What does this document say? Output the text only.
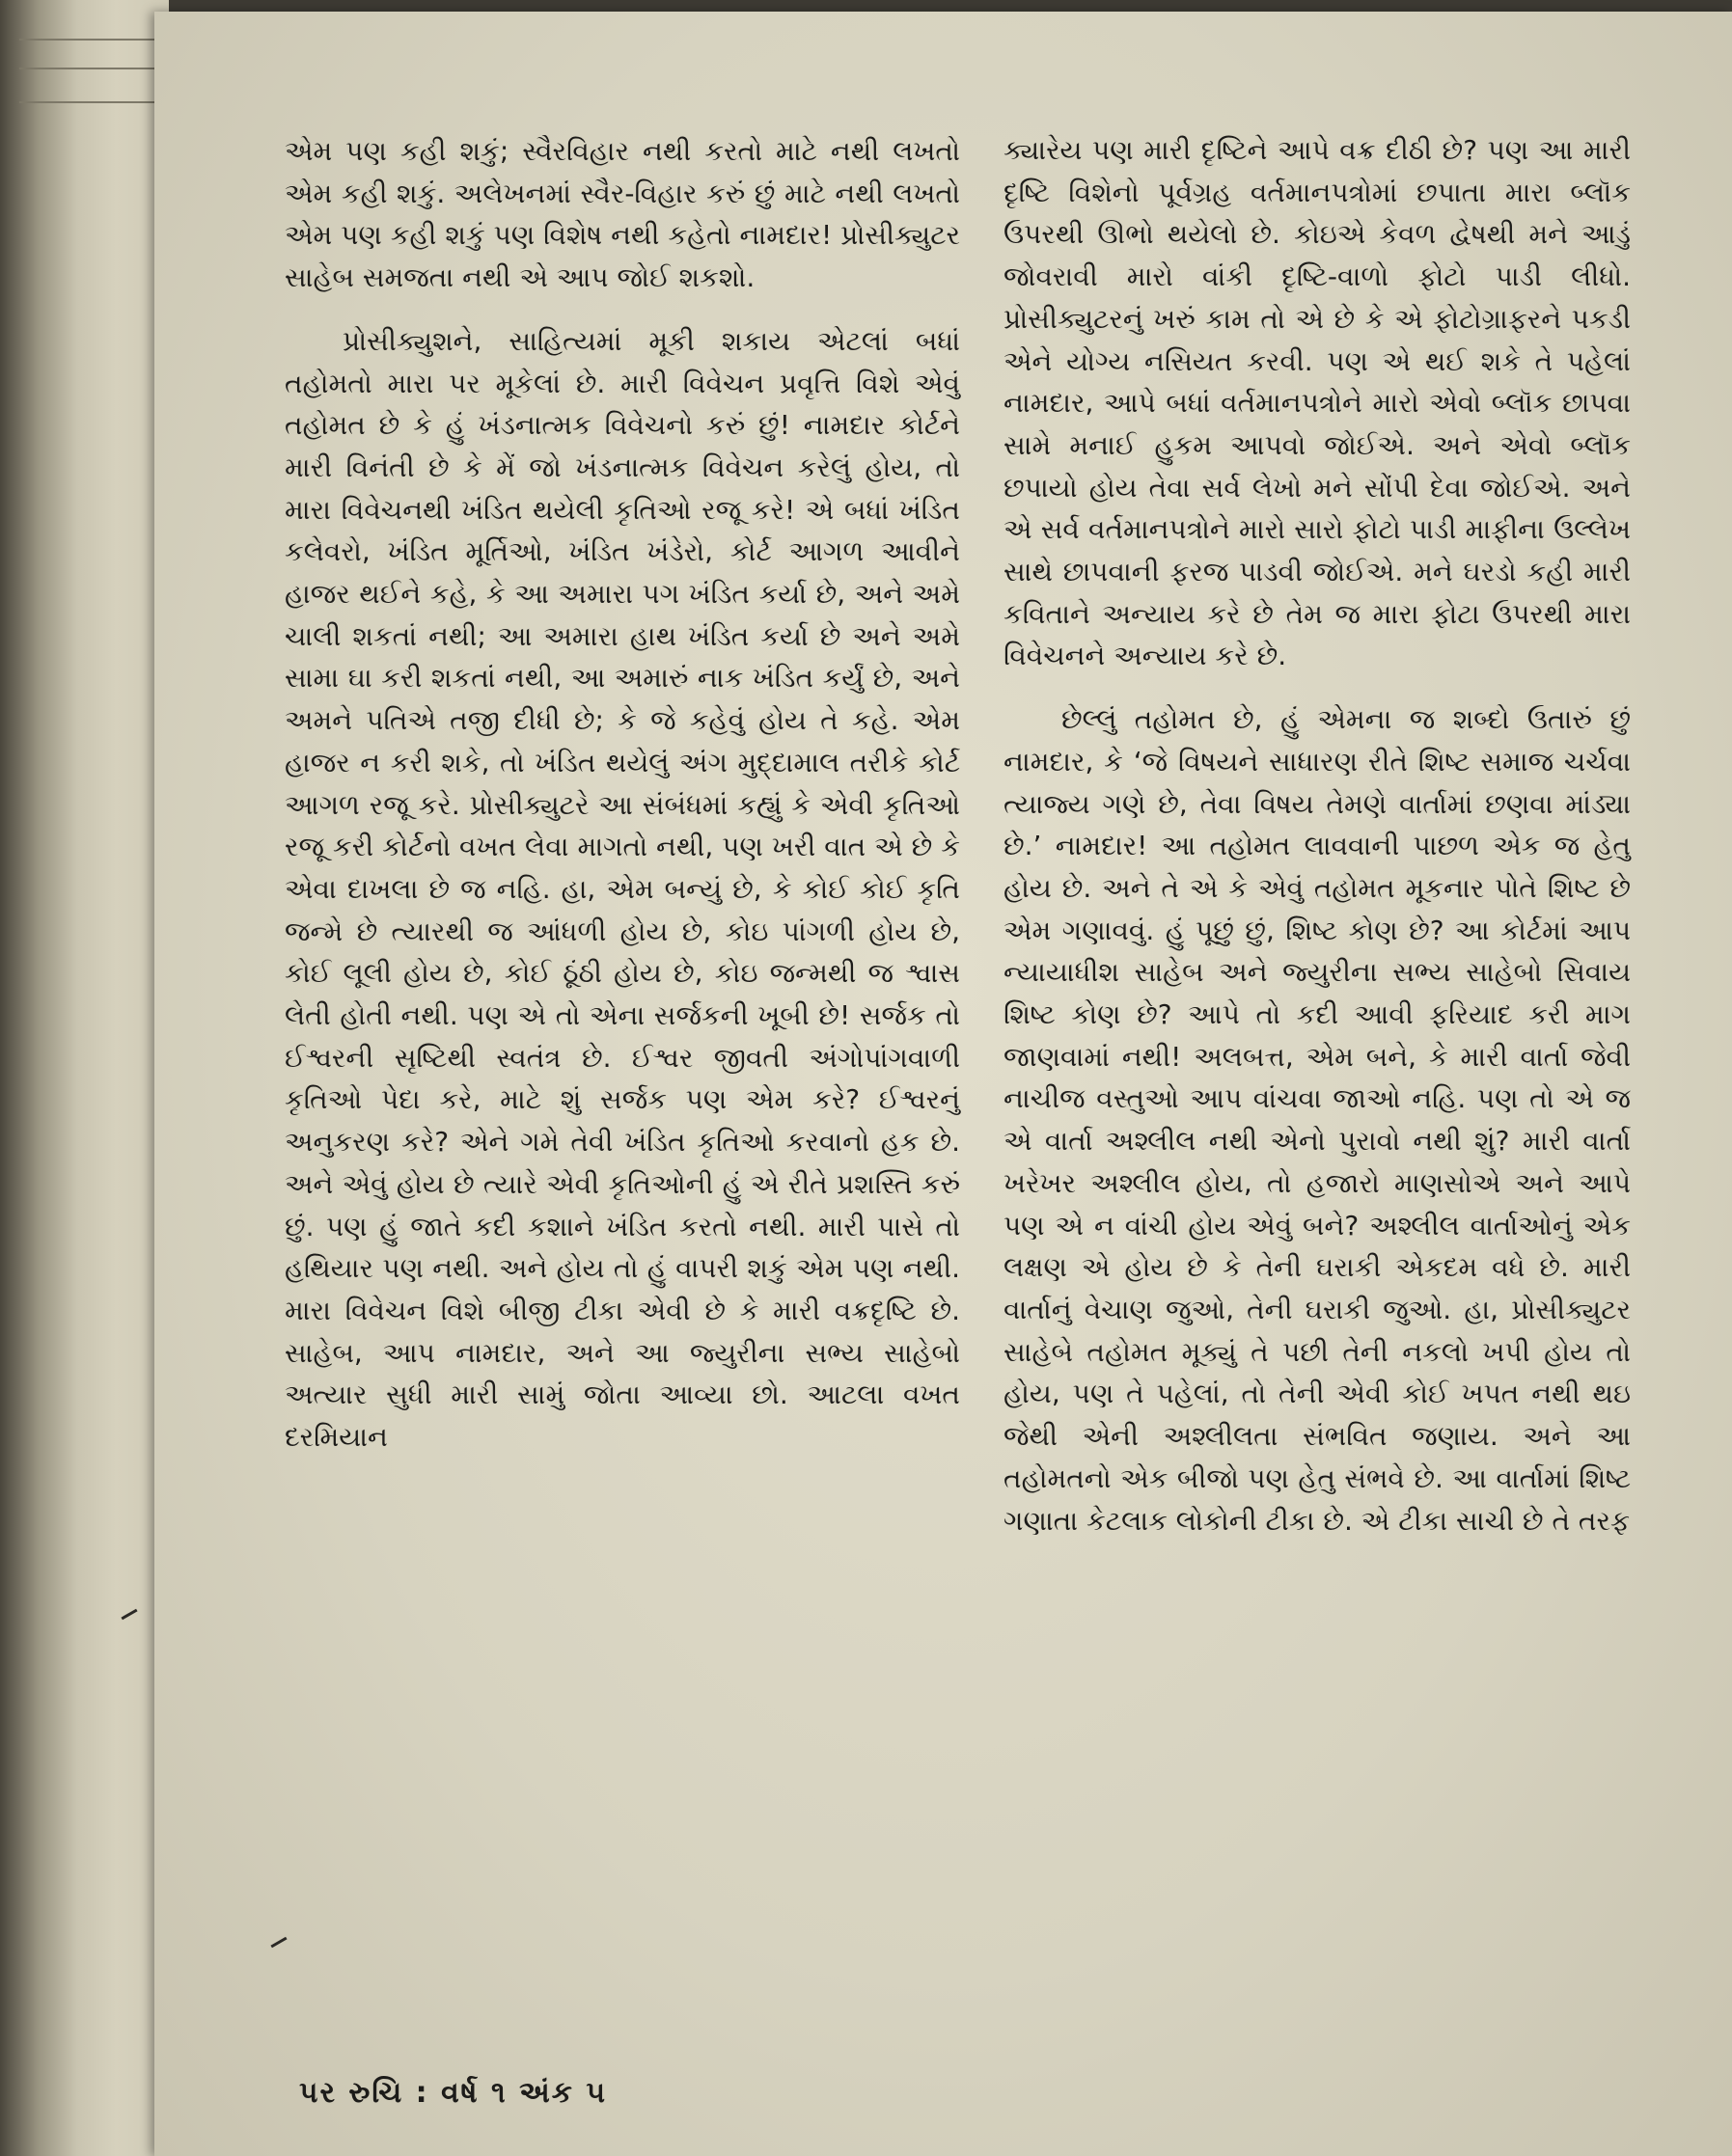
એમ પણ કહી શકું; સ્વૈરવિહાર નથી કરતો માટે નથી લખતો એમ કહી શકું. અલેખનમાં સ્વૈર-વિહાર કરું છું માટે નથી લખતો એમ પણ કહી શકું પણ વિશેષ નથી કહેતો નામદાર! પ્રોસીક્યુટર સાહેબ સમજતા નથી એ આપ જોઈ શકશો.

પ્રોસીક્યુશને, સાહિત્યમાં મૂકી શકાય એટલાં બધાં તહોમતો મારા પર મૂકેલાં છે. મારી વિવેચન પ્રવૃત્તિ વિશે એવું તહોમત છે કે હું ખંડનાત્મક વિવેચનો કરું છું! નામદાર કોર્ટને મારી વિનંતી છે કે મેં જો ખંડનાત્મક વિવેચન કરેલું હોય, તો મારા વિવેચનથી ખંડિત થયેલી કૃતિઓ રજૂ કરે! એ બધાં ખંડિત કલેવરો, ખંડિત મૂર્તિઓ, ખંડિત ખંડેરો, કોર્ટ આગળ આવીને હાજર થઈને કહે, કે આ અમારા પગ ખંડિત કર્યા છે, અને અમે ચાલી શકતાં નથી; આ અમારા હાથ ખંડિત કર્યા છે અને અમે સામા ઘા કરી શકતાં નથી, આ અમારું નાક ખંડિત કર્યું છે, અને અમને પતિએ તજી દીધી છે; કે જે કહેવું હોય તે કહે. એમ હાજર ન કરી શકે, તો ખંડિત થયેલું અંગ મુદ્દામાલ તરીકે કોર્ટ આગળ રજૂ કરે. પ્રોસીક્યુટરે આ સંબંધમાં કહ્યું કે એવી કૃતિઓ રજૂ કરી કોર્ટનો વખત લેવા માગતો નથી, પણ ખરી વાત એ છે કે એવા દાખલા છે જ નહિ. હા, એમ બન્યું છે, કે કોઈ કોઈ કૃતિ જન્મે છે ત્યારથી જ આંધળી હોય છે, કોઇ પાંગળી હોય છે, કોઈ લૂલી હોય છે, કોઈ ઠૂંઠી હોય છે, કોઇ જન્મથી જ શ્વાસ લેતી હોતી નથી. પણ એ તો એના સર્જકની ખૂબી છે! સર્જક તો ઈશ્વરની સૃષ્ટિથી સ્વતંત્ર છે. ઈશ્વર જીવતી અંગોપાંગવાળી કૃતિઓ પેદા કરે, માટે શું સર્જક પણ એમ કરે? ઈશ્વરનું અનુકરણ કરે? એને ગમે તેવી ખંડિત કૃતિઓ કરવાનો હક છે. અને એવું હોય છે ત્યારે એવી કૃતિઓની હું એ રીતે પ્રશસ્તિ કરું છું. પણ હું જાતે કદી કશાને ખંડિત કરતો નથી. મારી પાસે તો હથિયાર પણ નથી. અને હોય તો હું વાપરી શકું એમ પણ નથી. મારા વિવેચન વિશે બીજી ટીકા એવી છે કે મારી વક્રદૃષ્ટિ છે. સાહેબ, આપ નામદાર, અને આ જ્યુરીના સભ્ય સાહેબો અત્યાર સુધી મારી સામું જોતા આવ્યા છો. આટલા વખત દરમિયાન

ક્યારેય પણ મારી દૃષ્ટિને આપે વક્ર દીઠી છે? પણ આ મારી દૃષ્ટિ વિશેનો પૂર્વગ્રહ વર્તમાનપત્રોમાં છપાતા મારા બ્લૉક ઉપરથી ઊભો થયેલો છે. કોઇએ કેવળ દ્વેષથી મને આડું જોવરાવી મારો વાંકી દૃષ્ટિ-વાળો ફોટો પાડી લીધો. પ્રોસીક્યુટરનું ખરું કામ તો એ છે કે એ ફોટોગ્રાફરને પકડી એને યોગ્ય નસિયત કરવી. પણ એ થઈ શકે તે પહેલાં નામદાર, આપે બધાં વર્તમાનપત્રોને મારો એવો બ્લૉક છાપવા સામે મનાઈ હુકમ આપવો જોઈએ. અને એવો બ્લૉક છપાયો હોય તેવા સર્વ લેખો મને સોંપી દેવા જોઈએ. અને એ સર્વ વર્તમાનપત્રોને મારો સારો ફોટો પાડી માફીના ઉલ્લેખ સાથે છાપવાની ફરજ પાડવી જોઈએ. મને ઘરડો કહી મારી કવિતાને અન્યાય કરે છે તેમ જ મારા ફોટા ઉપરથી મારા વિવેચનને અન્યાય કરે છે.

છેલ્લું તહોમત છે, હું એમના જ શબ્દો ઉતારું છું નામદાર, કે ‘જે વિષયને સાધારણ રીતે શિષ્ટ સમાજ ચર્ચવા ત્યાજ્ય ગણે છે, તેવા વિષય તેમણે વાર્તામાં છણવા માંડ્યા છે.’ નામદાર! આ તહોમત લાવવાની પાછળ એક જ હેતુ હોય છે. અને તે એ કે એવું તહોમત મૂકનાર પોતે શિષ્ટ છે એમ ગણાવવું. હું પૂછું છું, શિષ્ટ કોણ છે? આ કોર્ટમાં આપ ન્યાયાધીશ સાહેબ અને જ્યુરીના સભ્ય સાહેબો સિવાય શિષ્ટ કોણ છે? આપે તો કદી આવી ફરિયાદ કરી માગ જાણવામાં નથી! અલબત્ત, એમ બને, કે મારી વાર્તા જેવી નાચીજ વસ્તુઓ આપ વાંચવા જાઓ નહિ. પણ તો એ જ એ વાર્તા અશ્લીલ નથી એનો પુરાવો નથી શું? મારી વાર્તા ખરેખર અશ્લીલ હોય, તો હજારો માણસોએ અને આપે પણ એ ન વાંચી હોય એવું બને? અશ્લીલ વાર્તાઓનું એક લક્ષણ એ હોય છે કે તેની ઘરાકી એકદમ વધે છે. મારી વાર્તાનું વેચાણ જુઓ, તેની ઘરાકી જુઓ. હા, પ્રોસીક્યુટર સાહેબે તહોમત મૂક્યું તે પછી તેની નકલો ખપી હોય તો હોય, પણ તે પહેલાં, તો તેની એવી કોઈ ખપત નથી થઇ જેથી એની અશ્લીલતા સંભવિત જણાય. અને આ તહોમતનો એક બીજો પણ હેતુ સંભવે છે. આ વાર્તામાં શિષ્ટ ગણાતા કેટલાક લોકોની ટીકા છે. એ ટીકા સાચી છે તે તરફ

પર રુચિ : વર્ષ ૧ અંક ૫
